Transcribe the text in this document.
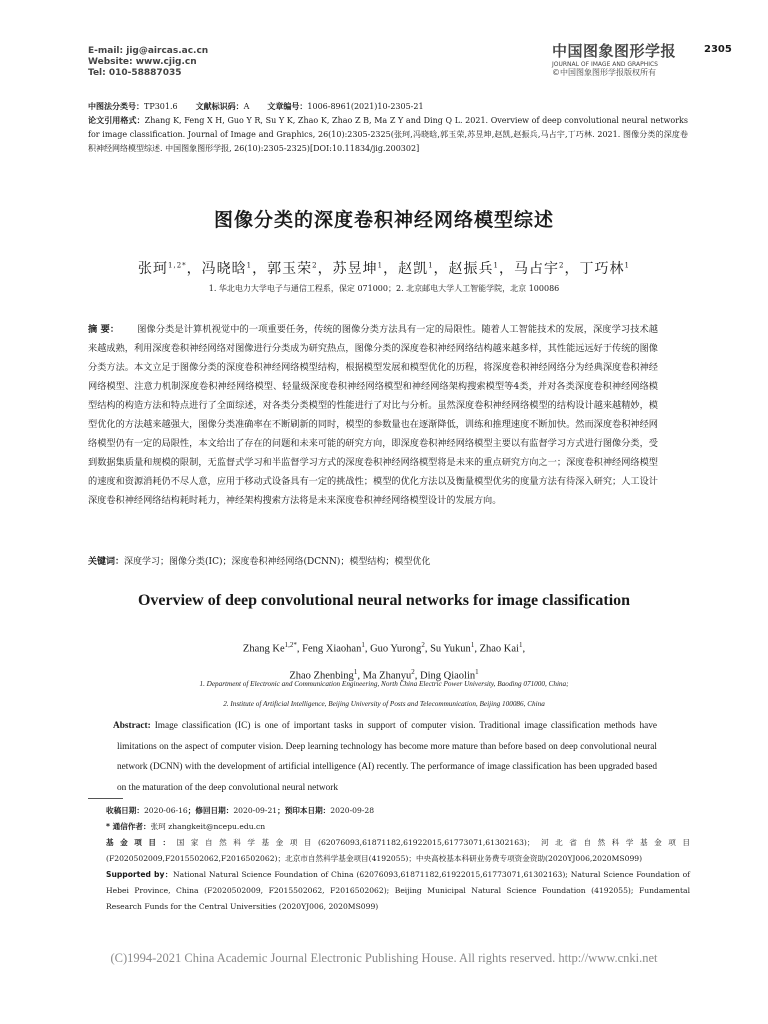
E-mail: jig@aircas.ac.cn
Website: www.cjig.cn
Tel: 010-58887035
中国图象图形学报
JOURNAL OF IMAGE AND GRAPHICS
©中国图象图形学报版权所有
2305
中图法分类号：TP301.6 文献标识码：A 文章编号：1006-8961(2021)10-2305-21
论文引用格式：Zhang K, Feng X H, Guo Y R, Su Y K, Zhao K, Zhao Z B, Ma Z Y and Ding Q L. 2021. Overview of deep convolutional neural networks for image classification. Journal of Image and Graphics, 26(10):2305-2325(张珂,冯晓晗,郭玉荣,苏昱坤,赵凯,赵振兵,马占宇,丁巧林. 2021. 图像分类的深度卷积神经网络模型综述. 中国图象图形学报, 26(10):2305-2325)[DOI:10.11834/jig.200302]
图像分类的深度卷积神经网络模型综述
张珂$^{1,2*}$，冯晓晗$^1$，郭玉荣$^2$，苏昱坤$^1$，赵凯$^1$，赵振兵$^1$，马占宇$^2$，丁巧林$^1$
1. 华北电力大学电子与通信工程系，保定 071000；2. 北京邮电大学人工智能学院，北京 100086
摘 要： 图像分类是计算机视觉中的一项重要任务，传统的图像分类方法具有一定的局限性。随着人工智能技术的发展，深度学习技术越来越成熟，利用深度卷积神经网络对图像进行分类成为研究热点，图像分类的深度卷积神经网络结构越来越多样，其性能远远好于传统的图像分类方法。本文立足于图像分类的深度卷积神经网络模型结构，根据模型发展和模型优化的历程，将深度卷积神经网络分为经典深度卷积神经网络模型、注意力机制深度卷积神经网络模型、轻量级深度卷积神经网络模型和神经网络架构搜索模型等4类，并对各类深度卷积神经网络模型结构的构造方法和特点进行了全面综述，对各类分类模型的性能进行了对比与分析。虽然深度卷积神经网络模型的结构设计越来越精妙，模型优化的方法越来越强大，图像分类准确率在不断刷新的同时，模型的参数量也在逐渐降低，训练和推理速度不断加快。然而深度卷积神经网络模型仍有一定的局限性，本文给出了存在的问题和未来可能的研究方向，即深度卷积神经网络模型主要以有监督学习方式进行图像分类，受到数据集质量和规模的限制，无监督式学习和半监督学习方式的深度卷积神经网络模型将是未来的重点研究方向之一；深度卷积神经网络模型的速度和资源消耗仍不尽人意，应用于移动式设备具有一定的挑战性；模型的优化方法以及衡量模型优劣的度量方法有待深入研究；人工设计深度卷积神经网络结构耗时耗力，神经架构搜索方法将是未来深度卷积神经网络模型设计的发展方向。
关键词：深度学习；图像分类(IC)；深度卷积神经网络(DCNN)；模型结构；模型优化
Overview of deep convolutional neural networks for image classification
Zhang $Ke^{1,2*}$, Feng Xiaohan$^1$, Guo Yurong$^2$, Su Yukun$^1$, Zhao Kai$^1$,
Zhao Zhenbing$^1$, Ma Zhanyu$^2$, Ding Qiaolin$^1$
1. Department of Electronic and Communication Engineering, North China Electric Power University, Baoding 071000, China;
2. Institute of Artificial Intelligence, Beijing University of Posts and Telecommunication, Beijing 100086, China
Abstract: Image classification (IC) is one of important tasks in support of computer vision. Traditional image classification methods have limitations on the aspect of computer vision. Deep learning technology has become more mature than before based on deep convolutional neural network (DCNN) with the development of artificial intelligence (AI) recently. The performance of image classification has been upgraded based on the maturation of the deep convolutional neural network
收稿日期：2020-06-16；修回日期：2020-09-21；预印本日期：2020-09-28
* 通信作者：张珂 zhangkeit@ncepu.edu.cn
基金项目：国家自然科学基金项目(62076093,61871182,61922015,61773071,61302163)；河北省自然科学基金项目(F2020502009,F2015502062,F2016502062)；北京市自然科学基金项目(4192055)；中央高校基本科研业务费专项资金资助(2020YJ006,2020MS099)
Supported by：National Natural Science Foundation of China (62076093,61871182,61922015,61773071,61302163); Natural Science Foundation of Hebei Province, China (F2020502009, F2015502062, F2016502062); Beijing Municipal Natural Science Foundation (4192055); Fundamental Research Funds for the Central Universities (2020YJ006, 2020MS099)
(C)1994-2021 China Academic Journal Electronic Publishing House. All rights reserved. http://www.cnki.net
